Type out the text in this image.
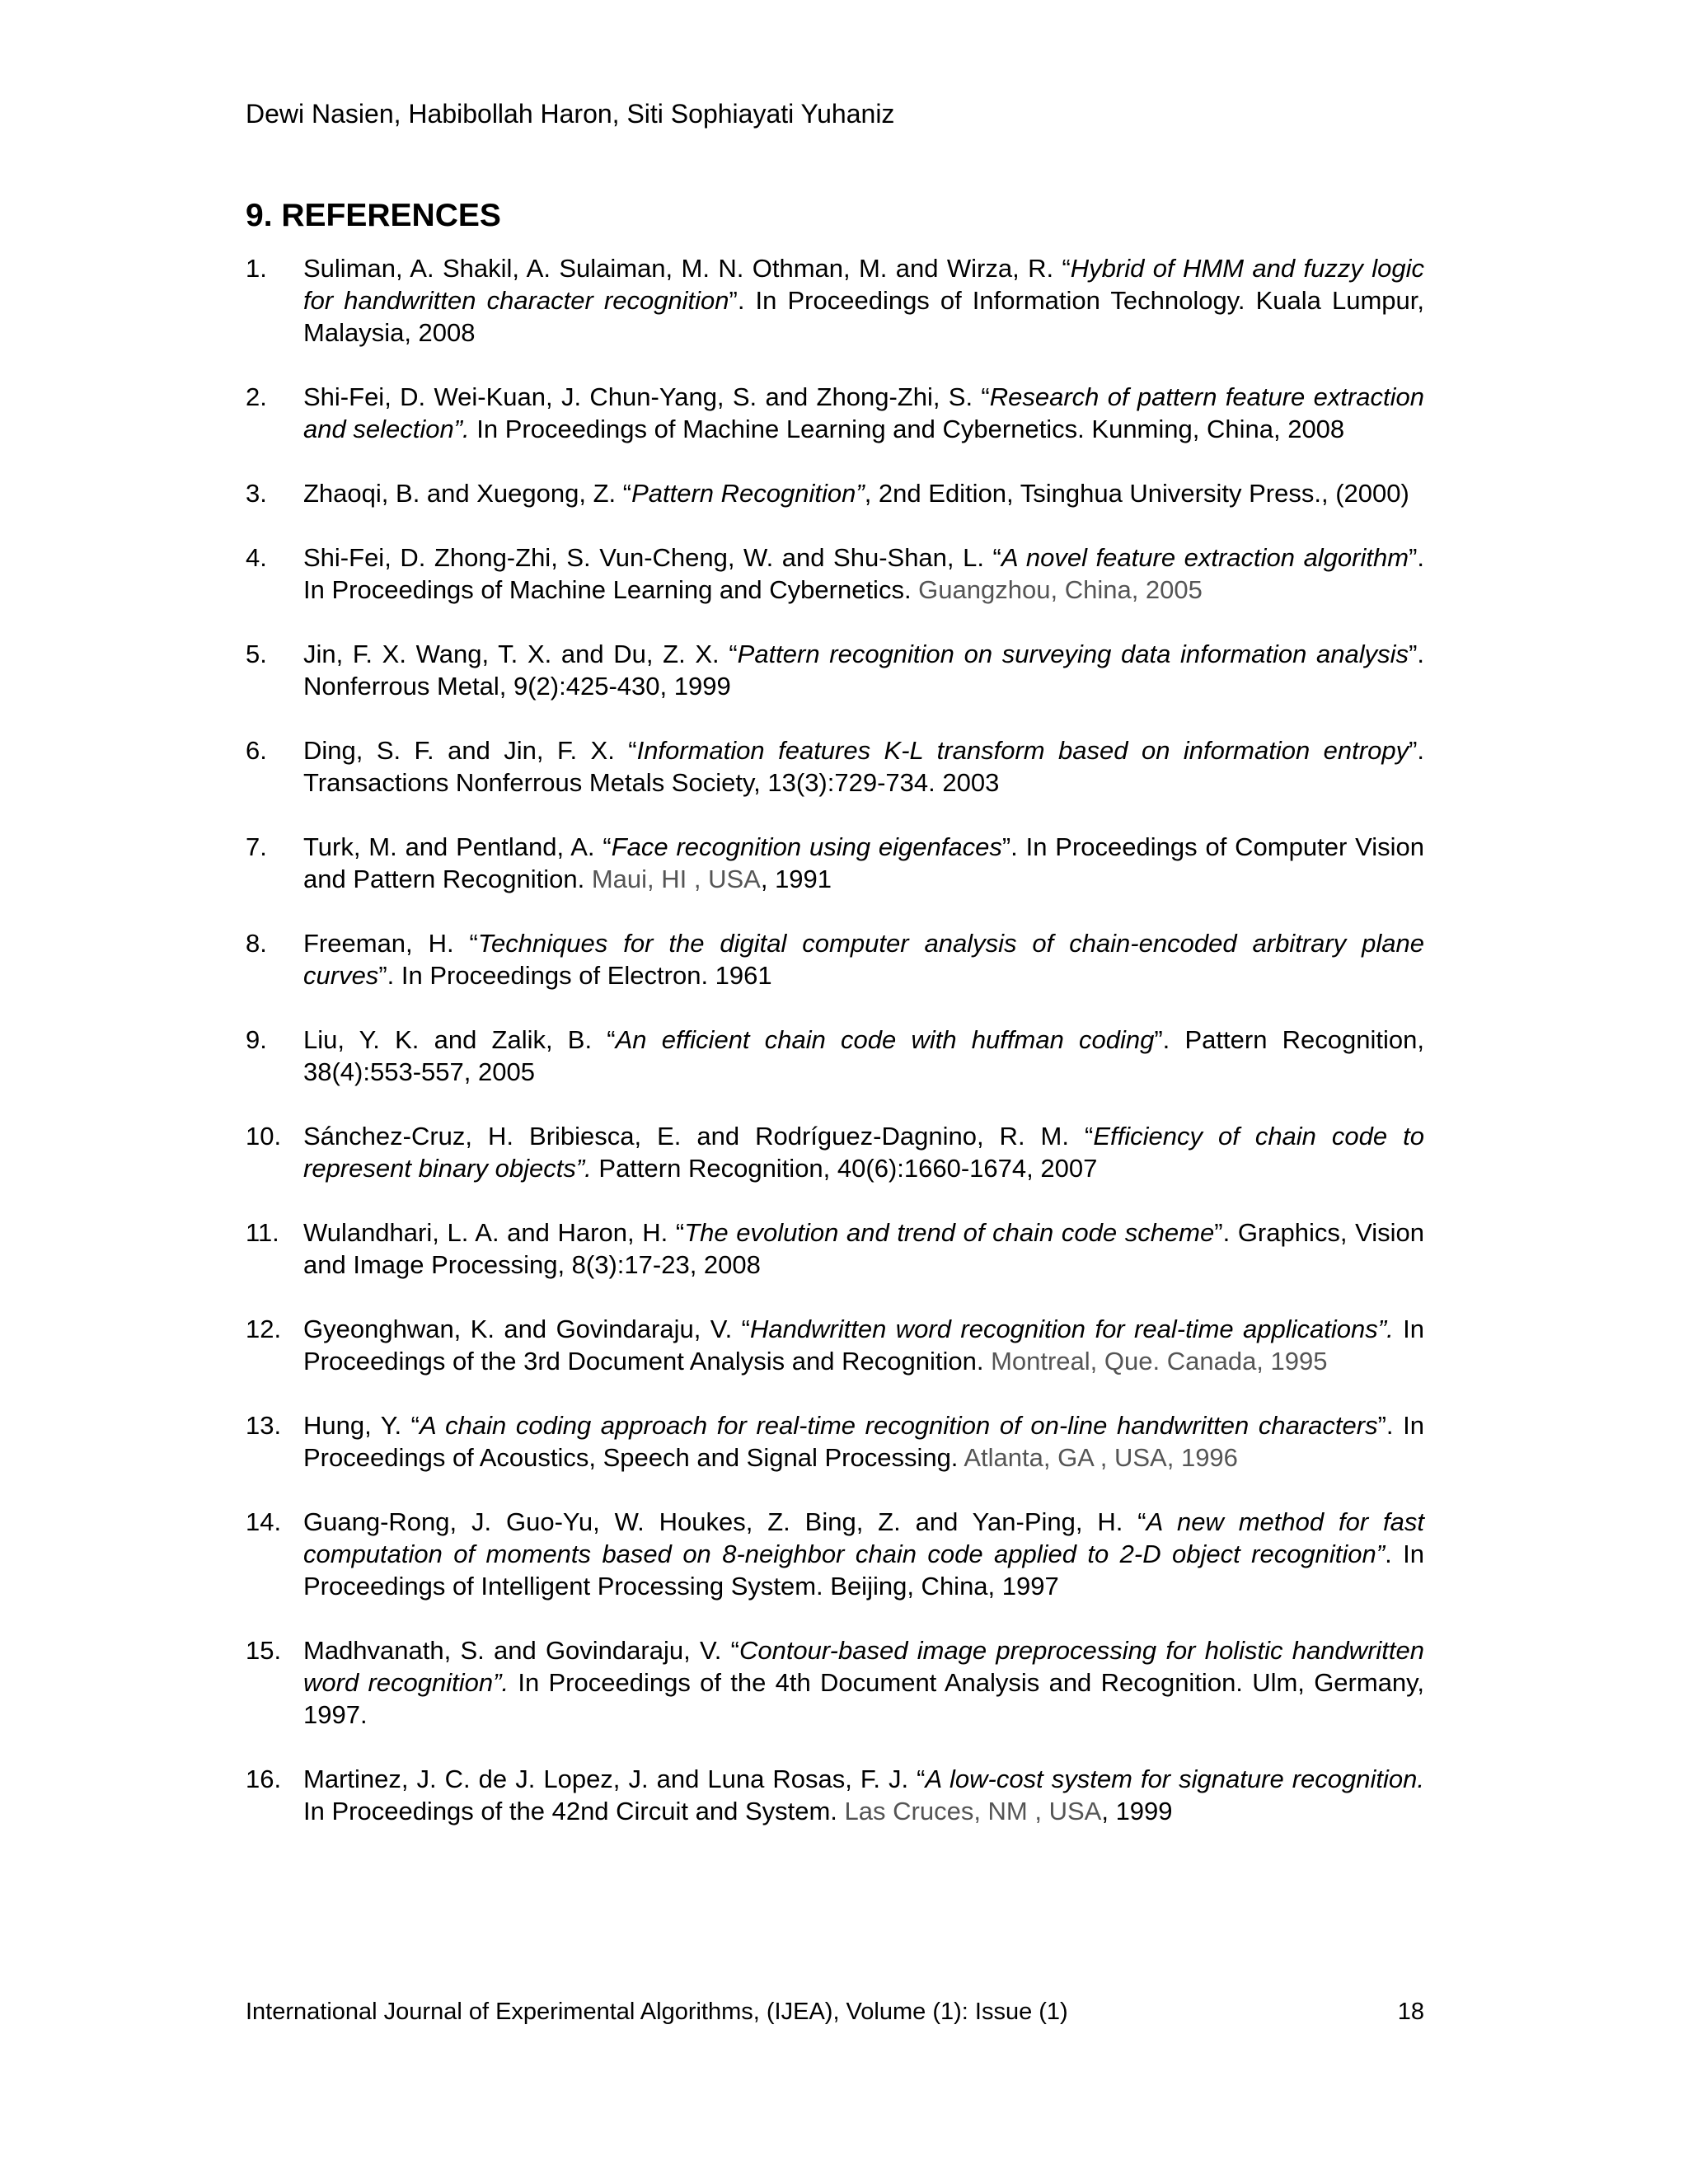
Dewi Nasien, Habibollah Haron, Siti Sophiayati Yuhaniz
9. REFERENCES
1. Suliman, A. Shakil, A. Sulaiman, M. N. Othman, M. and Wirza, R. “Hybrid of HMM and fuzzy logic for handwritten character recognition”. In Proceedings of Information Technology. Kuala Lumpur, Malaysia, 2008
2. Shi-Fei, D. Wei-Kuan, J. Chun-Yang, S. and Zhong-Zhi, S. “Research of pattern feature extraction and selection”. In Proceedings of Machine Learning and Cybernetics. Kunming, China, 2008
3. Zhaoqi, B. and Xuegong, Z. “Pattern Recognition”, 2nd Edition, Tsinghua University Press., (2000)
4. Shi-Fei, D. Zhong-Zhi, S. Vun-Cheng, W. and Shu-Shan, L. “A novel feature extraction algorithm”. In Proceedings of Machine Learning and Cybernetics. Guangzhou, China, 2005
5. Jin, F. X. Wang, T. X. and Du, Z. X. “Pattern recognition on surveying data information analysis”. Nonferrous Metal, 9(2):425-430, 1999
6. Ding, S. F. and Jin, F. X. “Information features K-L transform based on information entropy”. Transactions Nonferrous Metals Society, 13(3):729-734. 2003
7. Turk, M. and Pentland, A. “Face recognition using eigenfaces”. In Proceedings of Computer Vision and Pattern Recognition. Maui, HI , USA, 1991
8. Freeman, H. “Techniques for the digital computer analysis of chain-encoded arbitrary plane curves”. In Proceedings of Electron. 1961
9. Liu, Y. K. and Zalik, B. “An efficient chain code with huffman coding”. Pattern Recognition, 38(4):553-557, 2005
10. Sánchez-Cruz, H. Bribiesca, E. and Rodríguez-Dagnino, R. M. “Efficiency of chain code to represent binary objects”. Pattern Recognition, 40(6):1660-1674, 2007
11. Wulandhari, L. A. and Haron, H. “The evolution and trend of chain code scheme”. Graphics, Vision and Image Processing, 8(3):17-23, 2008
12. Gyeonghwan, K. and Govindaraju, V. “Handwritten word recognition for real-time applications”. In Proceedings of the 3rd Document Analysis and Recognition. Montreal, Que. Canada, 1995
13. Hung, Y. “A chain coding approach for real-time recognition of on-line handwritten characters”. In Proceedings of Acoustics, Speech and Signal Processing. Atlanta, GA , USA, 1996
14. Guang-Rong, J. Guo-Yu, W. Houkes, Z. Bing, Z. and Yan-Ping, H. “A new method for fast computation of moments based on 8-neighbor chain code applied to 2-D object recognition”. In Proceedings of Intelligent Processing System. Beijing, China, 1997
15. Madhvanath, S. and Govindaraju, V. “Contour-based image preprocessing for holistic handwritten word recognition”. In Proceedings of the 4th Document Analysis and Recognition. Ulm, Germany, 1997.
16. Martinez, J. C. de J. Lopez, J. and Luna Rosas, F. J. “A low-cost system for signature recognition. In Proceedings of the 42nd Circuit and System. Las Cruces, NM , USA, 1999
International Journal of Experimental Algorithms, (IJEA), Volume (1): Issue (1)	18
